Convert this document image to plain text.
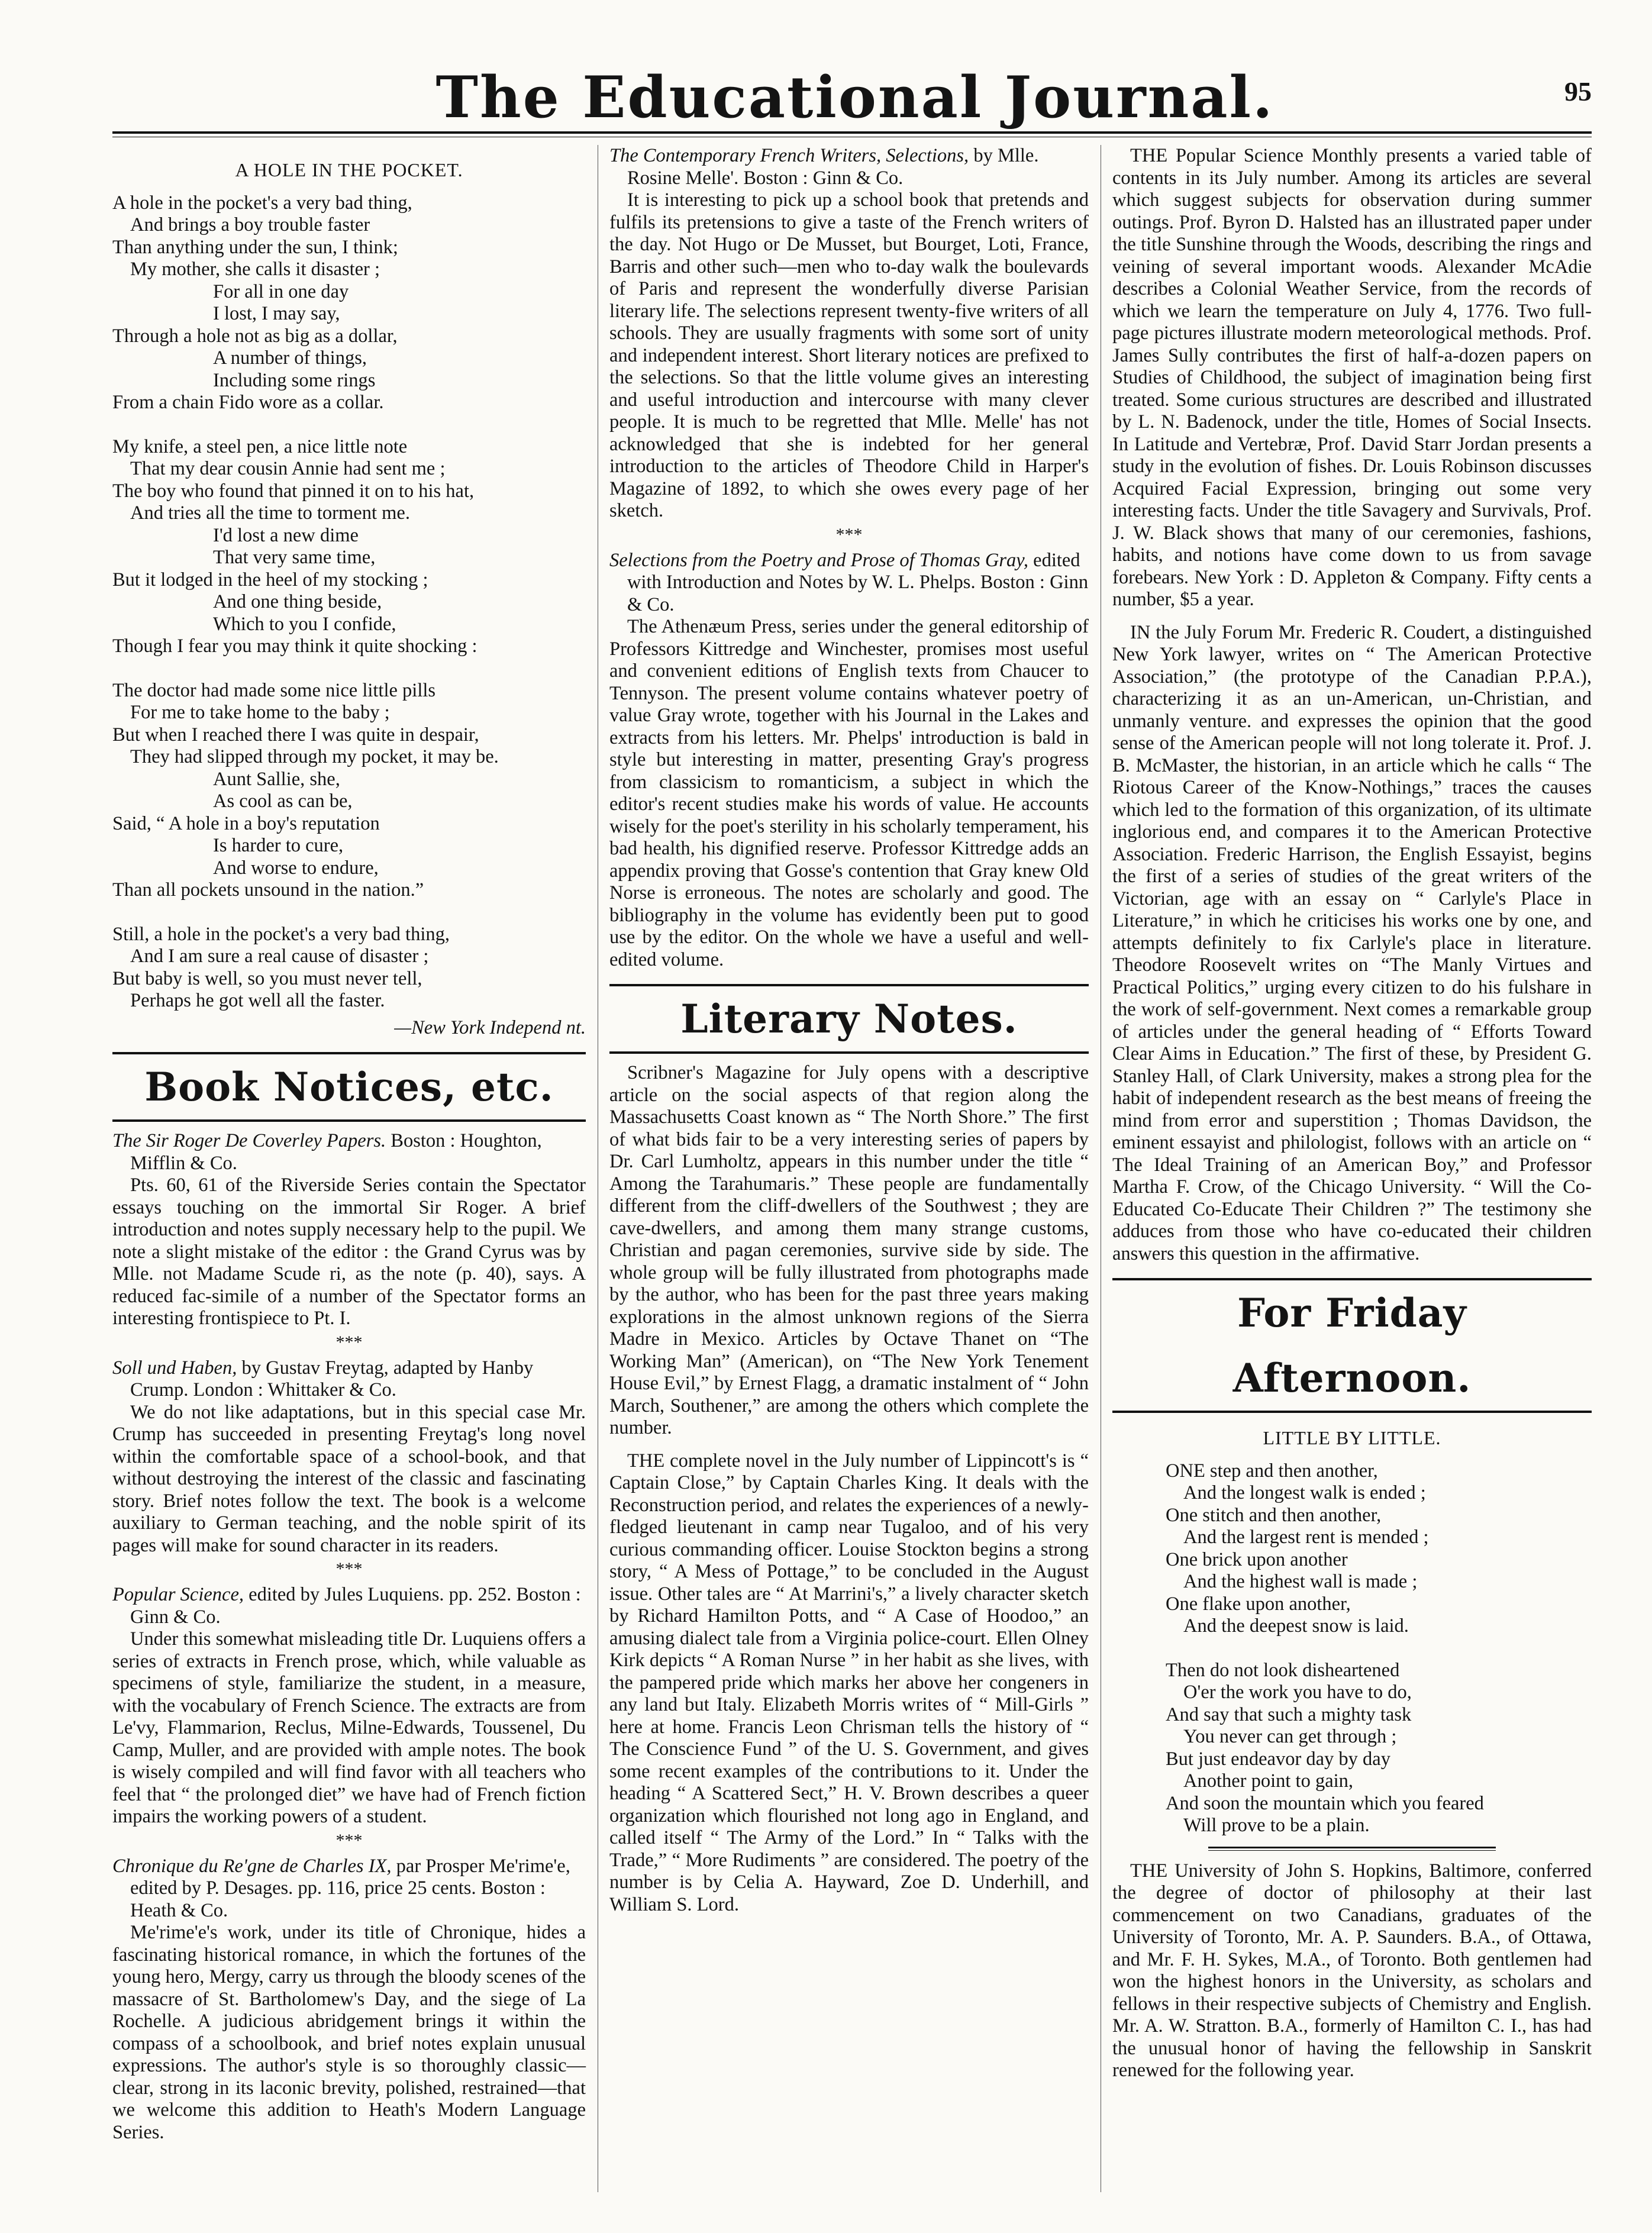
The Educational Journal.	95
A HOLE IN THE POCKET.
A hole in the pocket's a very bad thing,
And brings a boy trouble faster
Than anything under the sun, I think;
My mother, she calls it disaster ;
For all in one day
I lost, I may say,
Through a hole not as big as a dollar,
A number of things,
Including some rings
From a chain Fido wore as a collar.
My knife, a steel pen, a nice little note
That my dear cousin Annie had sent me ;
The boy who found that pinned it on to his hat,
And tries all the time to torment me.
I'd lost a new dime
That very same time,
But it lodged in the heel of my stocking ;
And one thing beside,
Which to you I confide,
Though I fear you may think it quite shocking :
The doctor had made some nice little pills
For me to take home to the baby ;
But when I reached there I was quite in despair,
They had slipped through my pocket, it may be.
Aunt Sallie, she,
As cool as can be,
Said, “ A hole in a boy's reputation
Is harder to cure,
And worse to endure,
Than all pockets unsound in the nation.”
Still, a hole in the pocket's a very bad thing,
And I am sure a real cause of disaster ;
But baby is well, so you must never tell,
Perhaps he got well all the faster.
—New York Independ nt.
Book Notices, etc.
The Sir Roger De Coverley Papers. Boston : Houghton, Mifflin & Co.

Pts. 60, 61 of the Riverside Series contain the Spectator essays touching on the immortal Sir Roger. A brief introduction and notes supply necessary help to the pupil. We note a slight mistake of the editor : the Grand Cyrus was by Mlle. not Madame Scude ri, as the note (p. 40), says. A reduced fac-simile of a number of the Spectator forms an interesting frontispiece to Pt. I.

***
Soll und Haben, by Gustav Freytag, adapted by Hanby Crump. London : Whittaker & Co.

We do not like adaptations, but in this special case Mr. Crump has succeeded in presenting Freytag's long novel within the comfortable space of a school-book, and that without destroying the interest of the classic and fascinating story. Brief notes follow the text. The book is a welcome auxiliary to German teaching, and the noble spirit of its pages will make for sound character in its readers.

***
Popular Science, edited by Jules Luquiens. pp. 252. Boston : Ginn & Co.

Under this somewhat misleading title Dr. Luquiens offers a series of extracts in French prose, which, while valuable as specimens of style, familiarize the student, in a measure, with the vocabulary of French Science. The extracts are from Le'vy, Flammarion, Reclus, Milne-Edwards, Toussenel, Du Camp, Muller, and are provided with ample notes. The book is wisely compiled and will find favor with all teachers who feel that “ the prolonged diet” we have had of French fiction impairs the working powers of a student.

***
Chronique du Re'gne de Charles IX, par Prosper Me'rime'e, edited by P. Desages. pp. 116, price 25 cents. Boston : Heath & Co.

Me'rime'e's work, under its title of Chronique, hides a fascinating historical romance, in which the fortunes of the young hero, Mergy, carry us through the bloody scenes of the massacre of St. Bartholomew's Day, and the siege of La Rochelle. A judicious abridgement brings it within the compass of a schoolbook, and brief notes explain unusual expressions. The author's style is so thoroughly classic—clear, strong in its laconic brevity, polished, restrained—that we welcome this addition to Heath's Modern Language Series.

The Contemporary French Writers, Selections, by Mlle. Rosine Melle'. Boston : Ginn & Co.

It is interesting to pick up a school book that pretends and fulfils its pretensions to give a taste of the French writers of the day. Not Hugo or De Musset, but Bourget, Loti, France, Barris and other such—men who to-day walk the boulevards of Paris and represent the wonderfully diverse Parisian literary life. The selections represent twenty-five writers of all schools. They are usually fragments with some sort of unity and independent interest. Short literary notices are prefixed to the selections. So that the little volume gives an interesting and useful introduction and intercourse with many clever people. It is much to be regretted that Mlle. Melle' has not acknowledged that she is indebted for her general introduction to the articles of Theodore Child in Harper's Magazine of 1892, to which she owes every page of her sketch.

***
Selections from the Poetry and Prose of Thomas Gray, edited with Introduction and Notes by W. L. Phelps. Boston : Ginn & Co.

The Athenæum Press, series under the general editorship of Professors Kittredge and Winchester, promises most useful and convenient editions of English texts from Chaucer to Tennyson. The present volume contains whatever poetry of value Gray wrote, together with his Journal in the Lakes and extracts from his letters. Mr. Phelps' introduction is bald in style but interesting in matter, presenting Gray's progress from classicism to romanticism, a subject in which the editor's recent studies make his words of value. He accounts wisely for the poet's sterility in his scholarly temperament, his bad health, his dignified reserve. Professor Kittredge adds an appendix proving that Gosse's contention that Gray knew Old Norse is erroneous. The notes are scholarly and good. The bibliography in the volume has evidently been put to good use by the editor. On the whole we have a useful and well-edited volume.

Literary Notes.

Scribner's Magazine for July opens with a descriptive article on the social aspects of that region along the Massachusetts Coast known as “ The North Shore.” The first of what bids fair to be a very interesting series of papers by Dr. Carl Lumholtz, appears in this number under the title “ Among the Tarahumaris.” These people are fundamentally different from the cliff-dwellers of the Southwest ; they are cave-dwellers, and among them many strange customs, Christian and pagan ceremonies, survive side by side. The whole group will be fully illustrated from photographs made by the author, who has been for the past three years making explorations in the almost unknown regions of the Sierra Madre in Mexico. Articles by Octave Thanet on “The Working Man” (American), on “The New York Tenement House Evil,” by Ernest Flagg, a dramatic instalment of “ John March, Southener,” are among the others which complete the number.

THE complete novel in the July number of Lippincott's is “ Captain Close,” by Captain Charles King. It deals with the Reconstruction period, and relates the experiences of a newly-fledged lieutenant in camp near Tugaloo, and of his very curious commanding officer. Louise Stockton begins a strong story, “ A Mess of Pottage,” to be concluded in the August issue. Other tales are “ At Marrini's,” a lively character sketch by Richard Hamilton Potts, and “ A Case of Hoodoo,” an amusing dialect tale from a Virginia police-court. Ellen Olney Kirk depicts “ A Roman Nurse ” in her habit as she lives, with the pampered pride which marks her above her congeners in any land but Italy. Elizabeth Morris writes of “ Mill-Girls ” here at home. Francis Leon Chrisman tells the history of “ The Conscience Fund ” of the U. S. Government, and gives some recent examples of the contributions to it. Under the heading “ A Scattered Sect,” H. V. Brown describes a queer organization which flourished not long ago in England, and called itself “ The Army of the Lord.” In “ Talks with the Trade,” “ More Rudiments ” are considered. The poetry of the number is by Celia A. Hayward, Zoe D. Underhill, and William S. Lord.

THE Popular Science Monthly presents a varied table of contents in its July number. Among its articles are several which suggest subjects for observation during summer outings. Prof. Byron D. Halsted has an illustrated paper under the title Sunshine through the Woods, describing the rings and veining of several important woods. Alexander McAdie describes a Colonial Weather Service, from the records of which we learn the temperature on July 4, 1776. Two full-page pictures illustrate modern meteorological methods. Prof. James Sully contributes the first of half-a-dozen papers on Studies of Childhood, the subject of imagination being first treated. Some curious structures are described and illustrated by L. N. Badenock, under the title, Homes of Social Insects. In Latitude and Vertebræ, Prof. David Starr Jordan presents a study in the evolution of fishes. Dr. Louis Robinson discusses Acquired Facial Expression, bringing out some very interesting facts. Under the title Savagery and Survivals, Prof. J. W. Black shows that many of our ceremonies, fashions, habits, and notions have come down to us from savage forebears. New York : D. Appleton & Company. Fifty cents a number, $5 a year.

IN the July Forum Mr. Frederic R. Coudert, a distinguished New York lawyer, writes on “ The American Protective Association,” (the prototype of the Canadian P.P.A.), characterizing it as an un-American, un-Christian, and unmanly venture. and expresses the opinion that the good sense of the American people will not long tolerate it. Prof. J. B. McMaster, the historian, in an article which he calls “ The Riotous Career of the Know-Nothings,” traces the causes which led to the formation of this organization, of its ultimate inglorious end, and compares it to the American Protective Association. Frederic Harrison, the English Essayist, begins the first of a series of studies of the great writers of the Victorian, age with an essay on “ Carlyle's Place in Literature,” in which he criticises his works one by one, and attempts definitely to fix Carlyle's place in literature. Theodore Roosevelt writes on “The Manly Virtues and Practical Politics,” urging every citizen to do his fulshare in the work of self-government. Next comes a remarkable group of articles under the general heading of “ Efforts Toward Clear Aims in Education.” The first of these, by President G. Stanley Hall, of Clark University, makes a strong plea for the habit of independent research as the best means of freeing the mind from error and superstition ; Thomas Davidson, the eminent essayist and philologist, follows with an article on “ The Ideal Training of an American Boy,” and Professor Martha F. Crow, of the Chicago University. “ Will the Co-Educated Co-Educate Their Children ?” The testimony she adduces from those who have co-educated their children answers this question in the affirmative.

For Friday Afternoon.
LITTLE BY LITTLE.
ONE step and then another,
And the longest walk is ended ;
One stitch and then another,
And the largest rent is mended ;
One brick upon another
And the highest wall is made ;
One flake upon another,
And the deepest snow is laid.
Then do not look disheartened
O'er the work you have to do,
And say that such a mighty task
You never can get through ;
But just endeavor day by day
Another point to gain,
And soon the mountain which you feared
Will prove to be a plain.

THE University of John S. Hopkins, Baltimore, conferred the degree of doctor of philosophy at their last commencement on two Canadians, graduates of the University of Toronto, Mr. A. P. Saunders. B.A., of Ottawa, and Mr. F. H. Sykes, M.A., of Toronto. Both gentlemen had won the highest honors in the University, as scholars and fellows in their respective subjects of Chemistry and English. Mr. A. W. Stratton. B.A., formerly of Hamilton C. I., has had the unusual honor of having the fellowship in Sanskrit renewed for the following year.
